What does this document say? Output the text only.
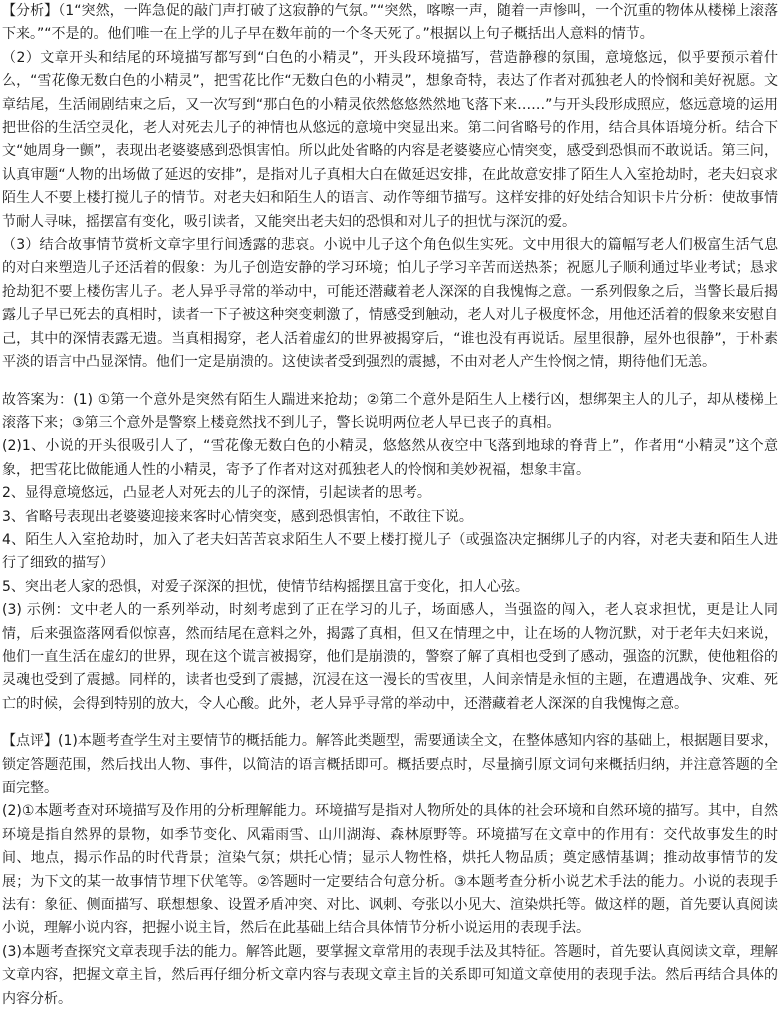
【分析】（1“突然，一阵急促的敲门声打破了这寂静的气氛。”“突然，喀嚓一声，随着一声惨叫，一个沉重的物体从楼梯上滚落下来。”“不是的。他们唯一在上学的儿子早在数年前的一个冬天死了。”根据以上句子概括出人意料的情节。

（2）文章开头和结尾的环境描写都写到“白色的小精灵”，开头段环境描写，营造静穆的氛围，意境悠远，似乎要预示着什么，“雪花像无数白色的小精灵”，把雪花比作“无数白色的小精灵”，想象奇特，表达了作者对孤独老人的怜悯和美好祝愿。文章结尾，生活闹剧结束之后，又一次写到“那白色的小精灵依然悠悠然然地飞落下来……”与开头段形成照应，悠远意境的运用把世俗的生活空灵化，老人对死去儿子的神情也从悠远的意境中突显出来。第二问省略号的作用，结合具体语境分析。结合下文“她周身一颤”，表现出老婆婆感到恐惧害怕。所以此处省略的内容是老婆婆应心情突变，感受到恐惧而不敢说话。第三问，认真审题“人物的出场做了延迟的安排”，是指对儿子真相大白在做延迟安排，在此故意安排了陌生人入室抢劫时，老夫妇哀求陌生人不要上楼打搅儿子的情节。对老夫妇和陌生人的语言、动作等细节描写。这样安排的好处结合知识卡片分析：使故事情节耐人寻味，摇摆富有变化，吸引读者，又能突出老夫妇的恐惧和对儿子的担忧与深沉的爱。

（3）结合故事情节赏析文章字里行间透露的悲哀。小说中儿子这个角色似生实死。文中用很大的篇幅写老人们极富生活气息的对白来塑造儿子还活着的假象：为儿子创造安静的学习环境；怕儿子学习辛苦而送热茶；祝愿儿子顺利通过毕业考试；恳求抢劫犯不要上楼伤害儿子。老人异乎寻常的举动中，可能还潜藏着老人深深的自我愧悔之意。一系列假象之后，当警长最后揭露儿子早已死去的真相时，读者一下子被这种突变刺激了，情感受到触动，老人对儿子极度怀念，用他还活着的假象来安慰自己，其中的深情表露无遗。当真相揭穿，老人活着虚幻的世界被揭穿后，“谁也没有再说话。屋里很静，屋外也很静”，于朴素平淡的语言中凸显深情。他们一定是崩溃的。这使读者受到强烈的震撼，不由对老人产生怜悯之情，期待他们无恙。

故答案为：(1) ①第一个意外是突然有陌生人踹进来抢劫；②第二个意外是陌生人上楼行凶，想绑架主人的儿子，却从楼梯上滚落下来；③第三个意外是警察上楼竟然找不到儿子，警长说明两位老人早已丧子的真相。

(2)1、小说的开头很吸引人了，“雪花像无数白色的小精灵，悠悠然从夜空中飞落到地球的脊背上”，作者用“小精灵”这个意象，把雪花比做能通人性的小精灵，寄予了作者对这对孤独老人的怜悯和美妙祝福，想象丰富。

2、显得意境悠远，凸显老人对死去的儿子的深情，引起读者的思考。

3、省略号表现出老婆婆迎接来客时心情突变，感到恐惧害怕，不敢往下说。

4、陌生人入室抢劫时，加入了老夫妇苦苦哀求陌生人不要上楼打搅儿子（或强盗决定捆绑儿子的内容，对老夫妻和陌生人进行了细致的描写）

5、突出老人家的恐惧，对爱子深深的担忧，使情节结构摇摆且富于变化，扣人心弦。

(3) 示例：文中老人的一系列举动，时刻考虑到了正在学习的儿子，场面感人，当强盗的闯入，老人哀求担忧，更是让人同情，后来强盗落网看似惊喜，然而结尾在意料之外，揭露了真相，但又在情理之中，让在场的人物沉默，对于老年夫妇来说，他们一直生活在虚幻的世界，现在这个谎言被揭穿，他们是崩溃的，警察了解了真相也受到了感动，强盗的沉默，使他粗俗的灵魂也受到了震撼。同样的，读者也受到了震撼，沉浸在这一漫长的雪夜里，人间亲情是永恒的主题，在遭遇战争、灾难、死亡的时候，会得到特别的放大，令人心酸。此外，老人异乎寻常的举动中，还潜藏着老人深深的自我愧悔之意。

【点评】(1)本题考查学生对主要情节的概括能力。解答此类题型，需要通读全文，在整体感知内容的基础上，根据题目要求，锁定答题范围，然后找出人物、事件，以简洁的语言概括即可。概括要点时，尽量摘引原文词句来概括归纳，并注意答题的全面完整。

(2)①本题考查对环境描写及作用的分析理解能力。环境描写是指对人物所处的具体的社会环境和自然环境的描写。其中，自然环境是指自然界的景物，如季节变化、风霜雨雪、山川湖海、森林原野等。环境描写在文章中的作用有：交代故事发生的时间、地点，揭示作品的时代背景；渲染气氛；烘托心情；显示人物性格，烘托人物品质；奠定感情基调；推动故事情节的发展；为下文的某一故事情节埋下伏笔等。②答题时一定要结合句意分析。③本题考查分析小说艺术手法的能力。小说的表现手法有：象征、侧面描写、联想想象、设置矛盾冲突、对比、讽刺、夸张以小见大、渲染烘托等。做这样的题，首先要认真阅读小说，理解小说内容，把握小说主旨，然后在此基础上结合具体情节分析小说运用的表现手法。

(3)本题考查探究文章表现手法的能力。解答此题，要掌握文章常用的表现手法及其特征。答题时，首先要认真阅读文章，理解文章内容，把握文章主旨，然后再仔细分析文章内容与表现文章主旨的关系即可知道文章使用的表现手法。然后再结合具体的内容分析。
